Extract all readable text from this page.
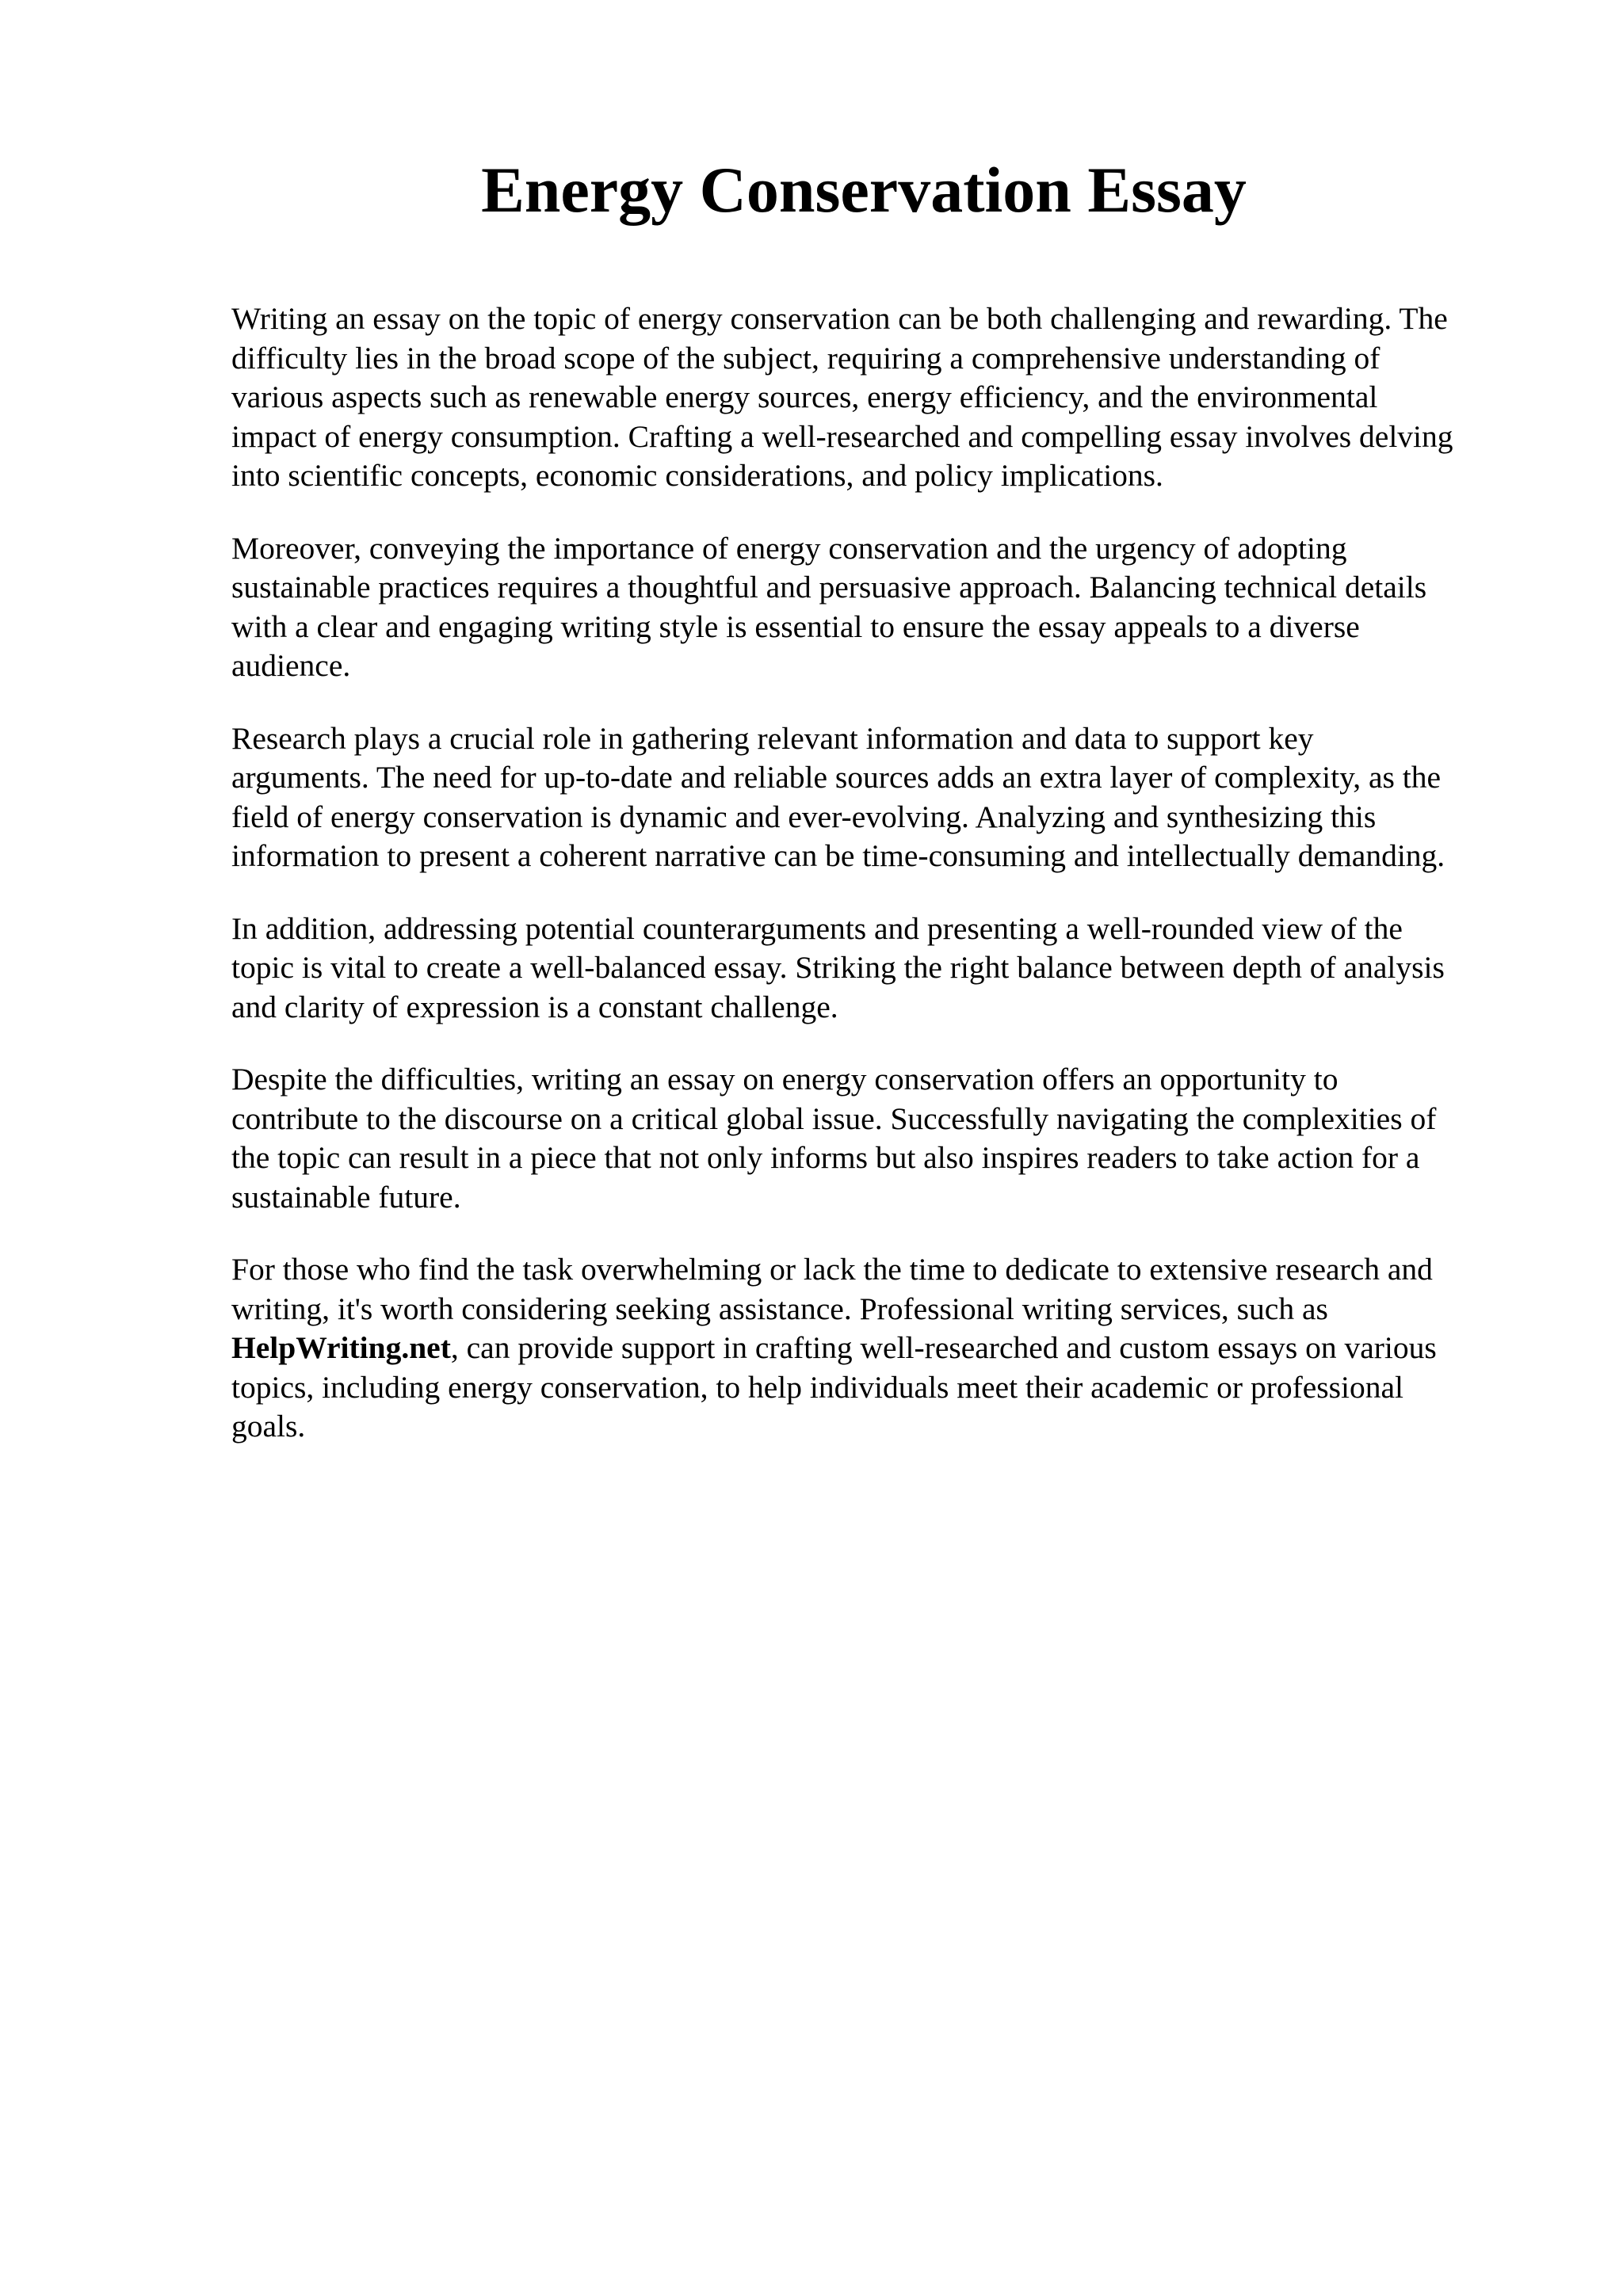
Energy Conservation Essay

Writing an essay on the topic of energy conservation can be both challenging and rewarding. The
difficulty lies in the broad scope of the subject, requiring a comprehensive understanding of
various aspects such as renewable energy sources, energy efficiency, and the environmental
impact of energy consumption. Crafting a well-researched and compelling essay involves delving
into scientific concepts, economic considerations, and policy implications.

Moreover, conveying the importance of energy conservation and the urgency of adopting
sustainable practices requires a thoughtful and persuasive approach. Balancing technical details
with a clear and engaging writing style is essential to ensure the essay appeals to a diverse
audience.

Research plays a crucial role in gathering relevant information and data to support key
arguments. The need for up-to-date and reliable sources adds an extra layer of complexity, as the
field of energy conservation is dynamic and ever-evolving. Analyzing and synthesizing this
information to present a coherent narrative can be time-consuming and intellectually demanding.

In addition, addressing potential counterarguments and presenting a well-rounded view of the
topic is vital to create a well-balanced essay. Striking the right balance between depth of analysis
and clarity of expression is a constant challenge.

Despite the difficulties, writing an essay on energy conservation offers an opportunity to
contribute to the discourse on a critical global issue. Successfully navigating the complexities of
the topic can result in a piece that not only informs but also inspires readers to take action for a
sustainable future.

For those who find the task overwhelming or lack the time to dedicate to extensive research and
writing, it's worth considering seeking assistance. Professional writing services, such as
HelpWriting.net, can provide support in crafting well-researched and custom essays on various
topics, including energy conservation, to help individuals meet their academic or professional
goals.
